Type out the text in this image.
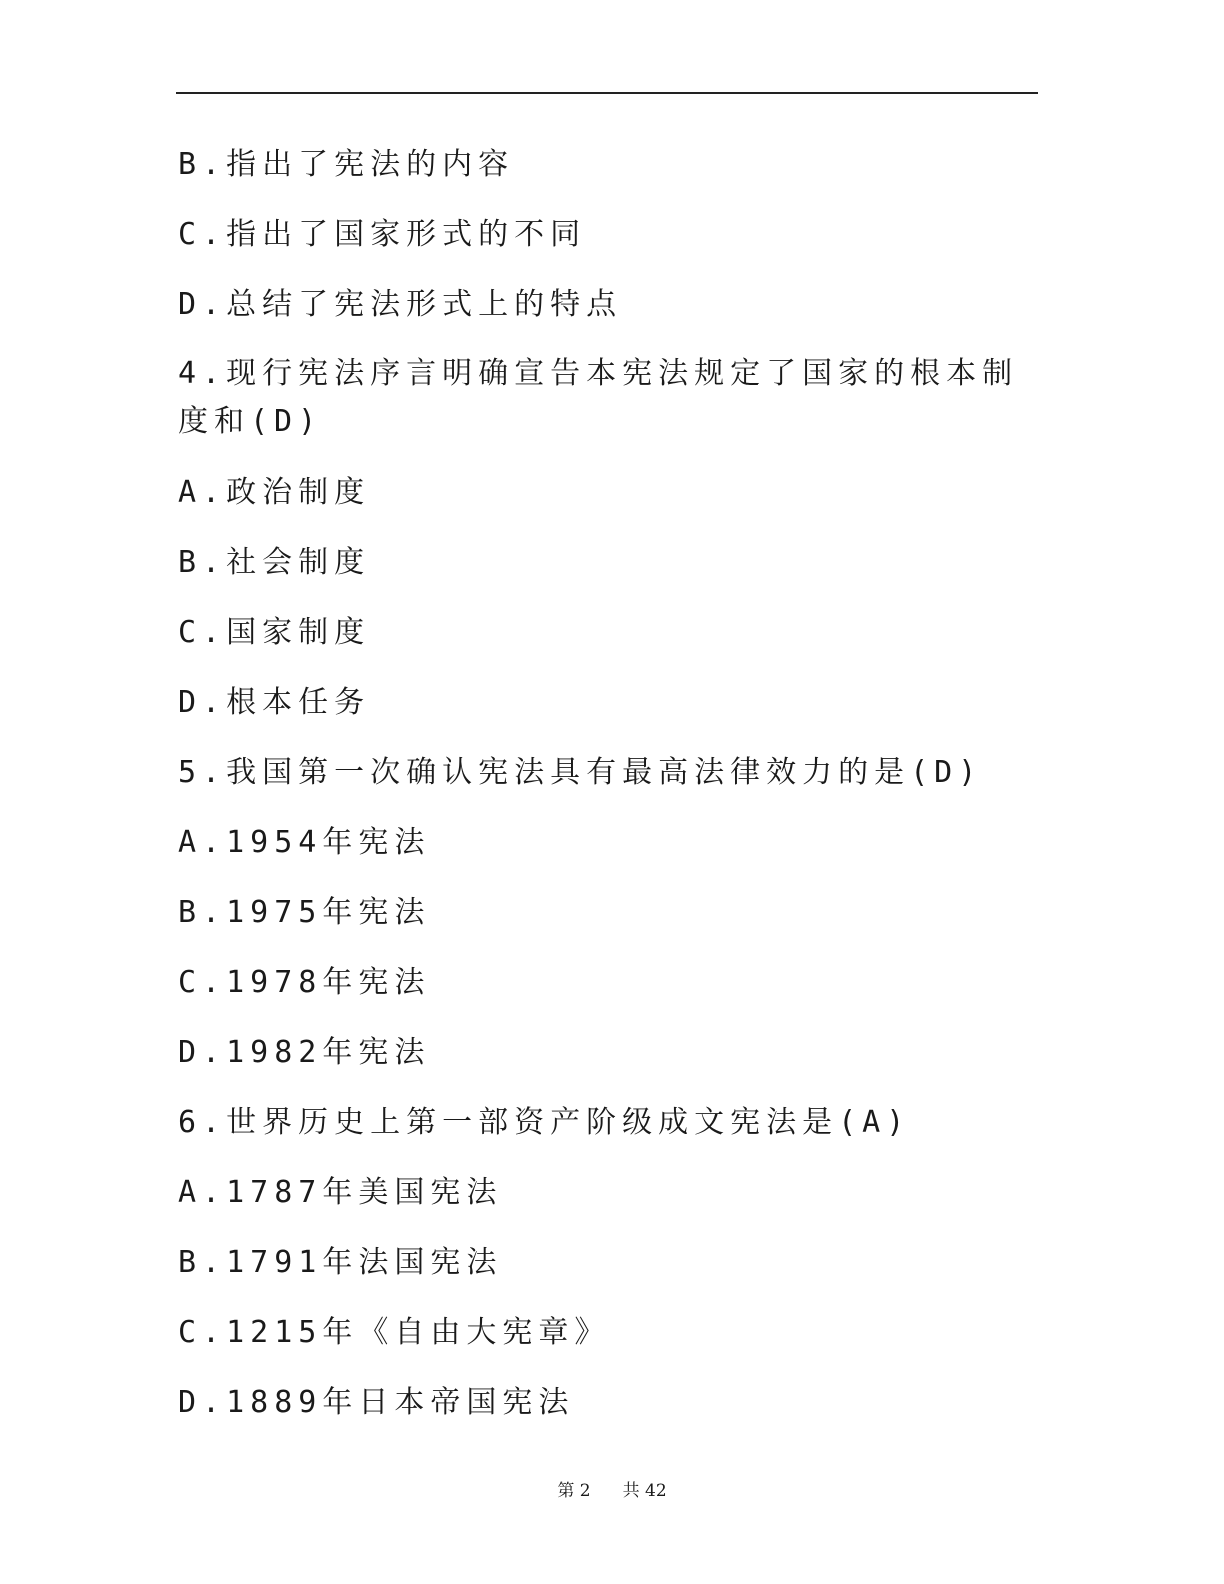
B.指出了宪法的内容
C.指出了国家形式的不同
D.总结了宪法形式上的特点
4.现行宪法序言明确宣告本宪法规定了国家的根本制度和(D)
A.政治制度
B.社会制度
C.国家制度
D.根本任务
5.我国第一次确认宪法具有最高法律效力的是(D)
A.1954年宪法
B.1975年宪法
C.1978年宪法
D.1982年宪法
6.世界历史上第一部资产阶级成文宪法是(A)
A.1787年美国宪法
B.1791年法国宪法
C.1215年《自由大宪章》
D.1889年日本帝国宪法
第 2 共 42
